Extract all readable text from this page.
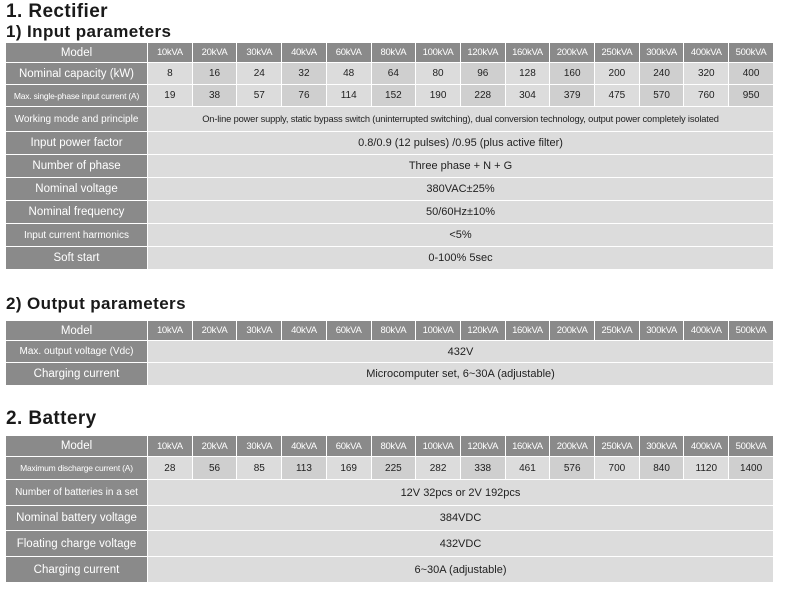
1. Rectifier
1) Input parameters
Model	10kVA	20kVA	30kVA	40kVA	60kVA	80kVA	100kVA	120kVA	160kVA	200kVA	250kVA	300kVA	400kVA	500kVA
Nominal capacity (kW)	8	16	24	32	48	64	80	96	128	160	200	240	320	400
Max. single-phase input current (A)	19	38	57	76	114	152	190	228	304	379	475	570	760	950
Working mode and principle	On-line power supply, static bypass switch (uninterrupted switching), dual conversion technology, output power completely isolated													
Input power factor	0.8/0.9 (12 pulses) /0.95 (plus active filter)													
Number of phase	Three phase + N + G													
Nominal voltage	380VAC±25%													
Nominal frequency	50/60Hz±10%													
Input current harmonics	<5%													
Soft start	0-100% 5sec													
2) Output parameters
Model	10kVA	20kVA	30kVA	40kVA	60kVA	80kVA	100kVA	120kVA	160kVA	200kVA	250kVA	300kVA	400kVA	500kVA
Max. output voltage (Vdc)	432V													
Charging current	Microcomputer set, 6~30A (adjustable)													
2. Battery
Model	10kVA	20kVA	30kVA	40kVA	60kVA	80kVA	100kVA	120kVA	160kVA	200kVA	250kVA	300kVA	400kVA	500kVA
Maximum discharge current (A)	28	56	85	113	169	225	282	338	461	576	700	840	1120	1400
Number of batteries in a set	12V 32pcs or 2V 192pcs													
Nominal battery voltage	384VDC													
Floating charge voltage	432VDC													
Charging current	6~30A (adjustable)													
